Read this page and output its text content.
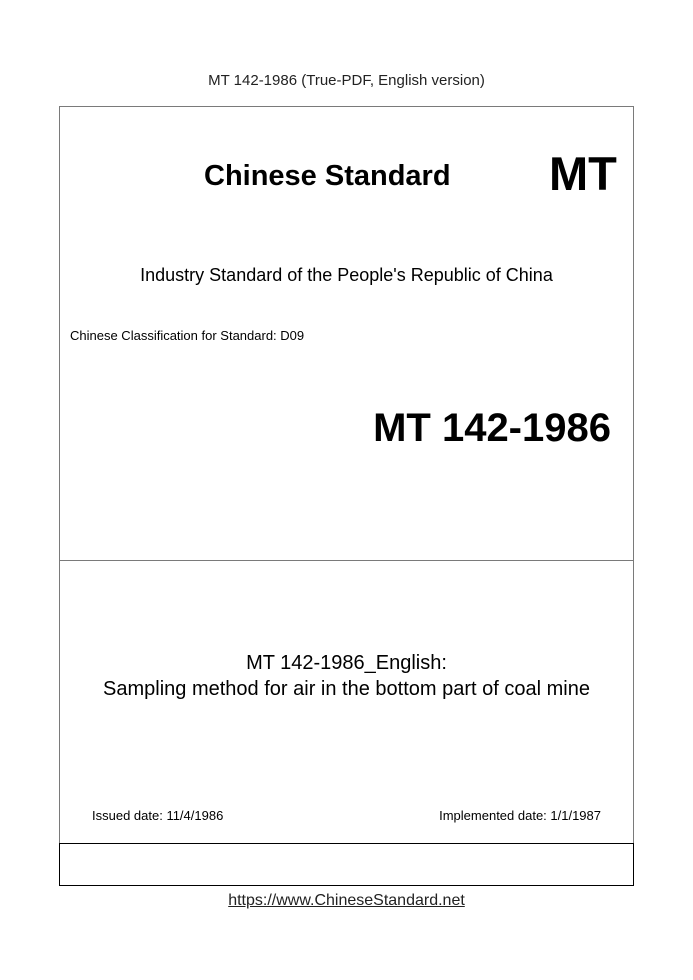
MT 142-1986 (True-PDF, English version)
Chinese Standard MT
Industry Standard of the People's Republic of China
Chinese Classification for Standard: D09
MT 142-1986
MT 142-1986_English:
Sampling method for air in the bottom part of coal mine
Issued date: 11/4/1986	Implemented date: 1/1/1987
https://www.ChineseStandard.net
